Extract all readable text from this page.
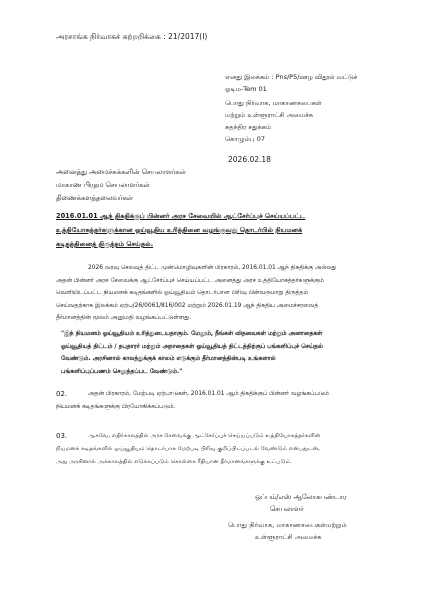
அரசாங்க நிர்வாகச் சுற்றறிக்கை : 21/2017(I)
எனது இலக்கம் : Pns/P5/ஊழ விதூல் வட்டுச்
ஓடிம-Tem 01
பொது நிர்வாக, மாகாணசபைகள்
மற்றும் உள்ளூராட்சி அமைச்சு
சுதந்திர சதுக்கம்
கொழும்பு 07
2026.02.18
அனைத்து அமைச்சுக்களின் செயலாளர்கள்
மாகாண பிரதம செயலாளர்கள்
திணைக்களத்தலைவர்கள்
2016.01.01 ஆந் திகதிக்குப் பின்னர் அரச சேவையில் ஆட்சேர்ப்புச் செய்யப்பட்ட
உத்தியோகத்தர்களுக்கான ஓய்வூதிய உரித்தினை வழங்குவது தொடர்பில் நியமனக்
கடிதத்தினைத் திருத்தம் செய்தல்.
2026 வரவு செலவுத் திட்ட முன்மொழிவுகளின் பிரகாரம், 2016.01.01 ஆந் திகதிக்கு அல்லது
அதன் பின்னர் அரச சேவைக்கு ஆட்சேர்ப்புச் செய்யப்பட்ட அனைத்து அரச உத்தியோகத்தர்களுக்கும்
வெளியிடப்பட்ட நியமனக் கடிதங்களில் ஓய்வூதியம் தொடர்பான பிரிவு பின்வருமாறு திருத்தம்
செய்வதற்காக இலக்கம் ஏற்ப/26/0061/816/002 மற்றும் 2026.01.19 ஆந் திகதிய அமைச்சரவைத்
தீர்மானத்தின் மூலம் அனுமதி வழங்கப்பட்டுள்ளது.
"இந் நியமனம் ஓய்வூதியம் உரித்துடையதாகும். மேலும், நீங்கள் விதவைகள் மற்றும் அனாதைகள்
ஓய்வூதியத் திட்டம் / தபுதாரர் மற்றும் அநாதைகள் ஓய்வூதியத் திட்டத்திற்குப் பங்களிப்புச் செய்தல்
வேண்டும். அரசினால் காலத்துக்குக் காலம் எடுக்கும் தீர்மானத்தின்படி உங்களால்
பங்களிப்புப்பணம் செலுத்தப்பட வேண்டும்."
02.	அதன் பிரகாரம், மேற்படி ஏற்பாடுகள், 2016.01.01 ஆம் திகதிக்குப் பின்னர் வழங்கப்படும்
நியமனக் கடிதங்களுக்கு பிரயோகிக்கப்படும்.
03.	ஆகவே, எதிர்காலத்தில் அரச சேவைக்கு ஆட்சேர்ப்புச் செய்யப்படும் உத்தியோகத்தர்களின்
நியமனக் கடிதங்களில் ஓய்வூதியம் தொடர்பாக மேற்படி பிரிவு குறிப்பிடப்படல் வேண்டும் என்பதுடன்,
அது அரசினால் அக்காலத்தில் எடுக்கப்படும் கொள்கை ரீதியான தீர்மானங்களுக்கு உட்படும்.
ஒப்பம்/எஸ் ஆலோகபண்டார
செயலாளர்
பொது நிர்வாக, மாகாணசபைகள்மற்றும்
உள்ளூராட்சி அமைச்சு
